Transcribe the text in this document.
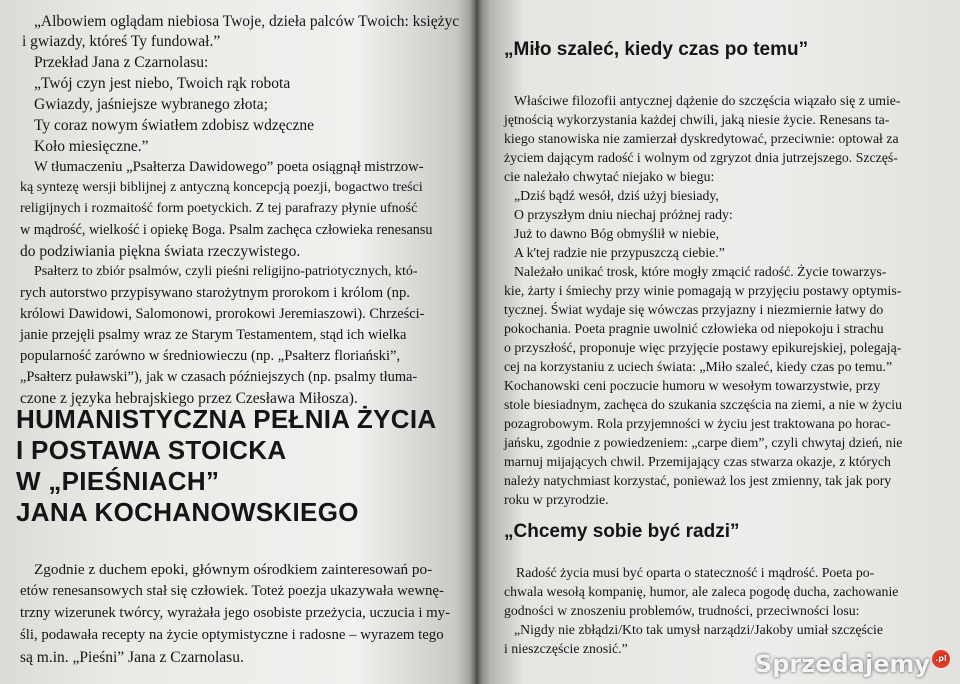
„Albowiem oglądam niebiosa Twoje, dzieła palców Twoich: księżyc
i gwiazdy, któreś Ty fundował.”
Przekład Jana z Czarnolasu:
„Twój czyn jest niebo, Twoich rąk robota
Gwiazdy, jaśniejsze wybranego złota;
Ty coraz nowym światłem zdobisz wdzęczne
Koło miesięczne.”
W tłumaczeniu „Psałterza Dawidowego” poeta osiągnął mistrzow-
ką syntezę wersji biblijnej z antyczną koncepcją poezji, bogactwo treści
religijnych i rozmaitość form poetyckich. Z tej parafrazy płynie ufność
w mądrość, wielkość i opiekę Boga. Psalm zachęca człowieka renesansu
do podziwiania piękna świata rzeczywistego.
Psałterz to zbiór psalmów, czyli pieśni religijno-patriotycznych, któ-
rych autorstwo przypisywano starożytnym prorokom i królom (np.
królowi Dawidowi, Salomonowi, prorokowi Jeremiaszowi). Chrześci-
janie przejęli psalmy wraz ze Starym Testamentem, stąd ich wielka
popularność zarówno w średniowieczu (np. „Psałterz floriański”,
„Psałterz puławski”), jak w czasach późniejszych (np. psalmy tłuma-
czone z języka hebrajskiego przez Czesława Miłosza).
HUMANISTYCZNA PEŁNIA ŻYCIA
I POSTAWA STOICKA
W „PIEŚNIACH”
JANA KOCHANOWSKIEGO
Zgodnie z duchem epoki, głównym ośrodkiem zainteresowań po-
etów renesansowych stał się człowiek. Toteż poezja ukazywała wewnę-
trzny wizerunek twórcy, wyrażała jego osobiste przeżycia, uczucia i my-
śli, podawała recepty na życie optymistyczne i radosne – wyrazem tego
są m.in. „Pieśni” Jana z Czarnolasu.
„Miło szaleć, kiedy czas po temu”
Właściwe filozofii antycznej dążenie do szczęścia wiązało się z umie-
jętnością wykorzystania każdej chwili, jaką niesie życie. Renesans ta-
kiego stanowiska nie zamierzał dyskredytować, przeciwnie: optował za
życiem dającym radość i wolnym od zgryzot dnia jutrzejszego. Szczęś-
cie należało chwytać niejako w biegu:
„Dziś bądź wesół, dziś użyj biesiady,
O przyszłym dniu niechaj próżnej rady:
Już to dawno Bóg obmyślił w niebie,
A k'tej radzie nie przypuszczą ciebie.”
Należało unikać trosk, które mogły zmącić radość. Życie towarzys-
kie, żarty i śmiechy przy winie pomagają w przyjęciu postawy optymis-
tycznej. Świat wydaje się wówczas przyjazny i niezmiernie łatwy do
pokochania. Poeta pragnie uwolnić człowieka od niepokoju i strachu
o przyszłość, proponuje więc przyjęcie postawy epikurejskiej, polegają-
cej na korzystaniu z uciech świata: „Miło szaleć, kiedy czas po temu.”
Kochanowski ceni poczucie humoru w wesołym towarzystwie, przy
stole biesiadnym, zachęca do szukania szczęścia na ziemi, a nie w życiu
pozagrobowym. Rola przyjemności w życiu jest traktowana po horac-
jańsku, zgodnie z powiedzeniem: „carpe diem”, czyli chwytaj dzień, nie
marnuj mijających chwil. Przemijający czas stwarza okazje, z których
należy natychmiast korzystać, ponieważ los jest zmienny, tak jak pory
roku w przyrodzie.
„Chcemy sobie być radzi”
Radość życia musi być oparta o stateczność i mądrość. Poeta po-
chwala wesołą kompanię, humor, ale zaleca pogodę ducha, zachowanie
godności w znoszeniu problemów, trudności, przeciwności losu:
„Nigdy nie zbłądzi/Kto tak umysł narządzi/Jakoby umiał szczęście
i nieszczęście znosić.”
Sprzedajemy .pl
